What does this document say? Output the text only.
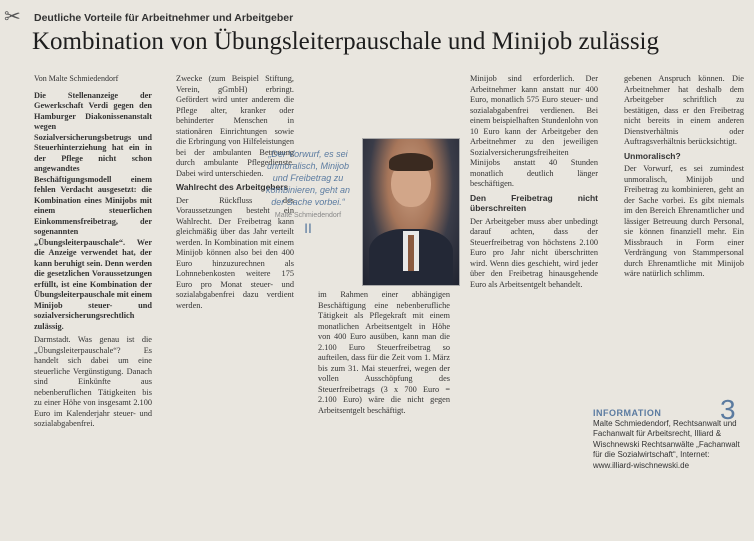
✂ Deutliche Vorteile für Arbeitnehmer und Arbeitgeber
Kombination von Übungsleiterpauschale und Minijob zulässig

Von Malte Schmiedendorf

Die Stellenanzeige der Gewerkschaft Verdi gegen den Hamburger Diakonissenanstalt wegen Sozialversicherungsbetrugs und Steuerhinterziehung hat ein in der Pflege nicht schon angewandtes Beschäftigungsmodell einem fehlen Verdacht ausgesetzt: die Kombination eines Minijobs mit einem steuerlichen Einkommensfreibetrag, der sogenannten „Übungsleiterpauschale“. Wer die Anzeige verwendet hat, der kann beruhigt sein. Denn werden die gesetzlichen Voraussetzungen erfüllt, ist eine Kombination der Übungsleiterpauschale mit einem Minijob steuer- und sozialversicherungsrechtlich zulässig.

Darmstadt. Was genau ist die „Übungsleiterpauschale“? Es handelt sich dabei um eine steuerliche Vergünstigung. Danach sind Einkünfte aus nebenberuflichen Tätigkeiten bis zu einer Höhe von insgesamt 2.100 Euro im Kalenderjahr steuer- und sozialabgabenfrei.

Zwecke (zum Beispiel Stiftung, Verein, gGmbH) erbringt. Gefördert wird unter anderem die Pflege alter, kranker oder behinderter Menschen in stationären Einrichtungen sowie die Erbringung von Hilfeleistungen bei der ambulanten Betreuung durch ambulante Pflegedienste. Dabei wird unterschieden.

Wahlrecht des Arbeitgebers

Der Rückfluss des Voraussetzungen besteht ein Wahlrecht. Der Freibetrag kann gleichmäßig über das Jahr verteilt werden. In Kombination mit einem Minijob können also bei den 400 Euro hinzuzurechnen als Lohnnebenkosten weitere 175 Euro pro Monat steuer- und sozialabgabenfrei dazu verdient werden.

„Der Vorwurf, es sei unmoralisch, Minijob und Freibetrag zu kombinieren, geht an der Sache vorbei.“
Malte Schmiedendorf
II

im Rahmen einer abhängigen Beschäftigung eine nebenberufliche Tätigkeit als Pflegekraft mit einem monatlichen Arbeitsentgelt in Höhe von 400 Euro ausüben, kann man die 2.100 Euro Steuerfreibetrag so aufteilen, dass für die Zeit vom 1. März bis zum 31. Mai steuerfrei, wegen der vollen Ausschöpfung des Steuerfreibetrags (3 x 700 Euro = 2.100 Euro) wäre die nicht gegen Arbeitsentgelt beschäftigt.

Minijob sind erforderlich. Der Arbeitnehmer kann anstatt nur 400 Euro, monatlich 575 Euro steuer- und sozialabgabenfrei verdienen. Bei einem beispielhaften Stundenlohn von 10 Euro kann der Arbeitgeber den Arbeitnehmer zu den jeweiligen Sozialversicherungsfreiheiten Minijobs anstatt 40 Stunden monatlich deutlich länger beschäftigen.

Den Freibetrag nicht überschreiten

Der Arbeitgeber muss aber unbedingt darauf achten, dass der Steuerfreibetrag von höchstens 2.100 Euro pro Jahr nicht überschritten wird. Wenn dies geschieht, wird jeder über den Freibetrag hinausgehende Euro als Arbeitsentgelt behandelt.

gebenen Anspruch können. Die Arbeitnehmer hat deshalb dem Arbeitgeber schriftlich zu bestätigen, dass er den Freibetrag nicht bereits in einem anderen Dienstverhältnis oder Auftragsverhältnis berücksichtigt.

Unmoralisch?

Der Vorwurf, es sei zumindest unmoralisch, Minijob und Freibetrag zu kombinieren, geht an der Sache vorbei. Es gibt niemals im den Bereich Ehrenamtlicher und lässiger Betreuung durch Personal, sie können finanziell mehr. Ein Missbrauch in Form einer Verdrängung von Stammpersonal durch Ehrenamtliche mit Minijob wäre natürlich schlimm.

3
INFORMATION
Malte Schmiedendorf, Rechtsanwalt und Fachanwalt für Arbeitsrecht, Illiard & Wischnewski Rechtsanwälte „Fachanwalt für die Sozialwirtschaft“, Internet: www.illiard-wischnewski.de
